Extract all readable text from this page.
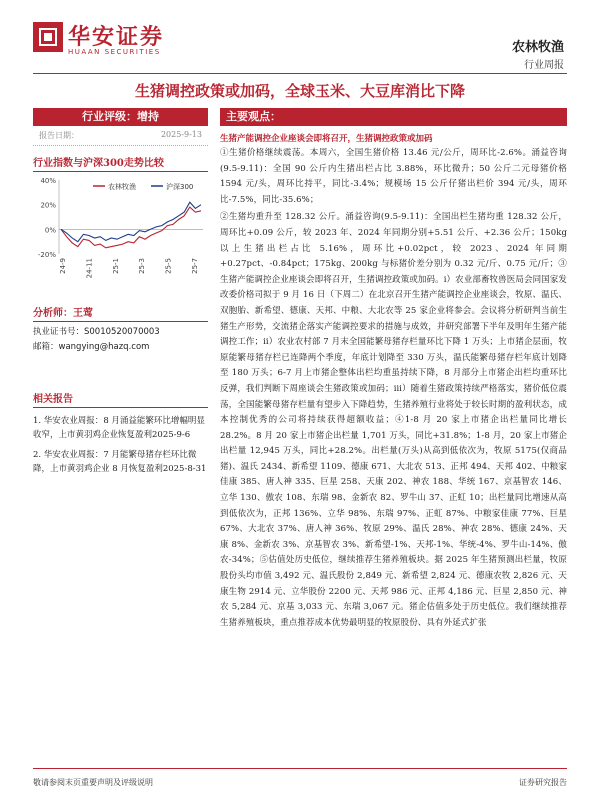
华安证券
HUAAN SECURITIES	农林牧渔
行业周报
生猪调控政策或加码，全球玉米、大豆库消比下降
行业评级：增持
报告日期：	2025-9-13
行业指数与沪深300走势比较
40%
20%
0%
-20%
24-9	24-11	25-1	25-3	25-5	25-7
农林牧渔	沪深300
分析师：王莺
执业证书号：S0010520070003
邮箱：wangying@hazq.com
相关报告
1. 华安农业周报：8 月涌益能繁环比增幅明显收窄，上市黄羽鸡企业恢复盈利2025-9-6
2. 华安农业周报：7 月能繁母猪存栏环比微降，上市黄羽鸡企业 8 月恢复盈利2025-8-31
主要观点：
生猪产能调控企业座谈会即将召开，生猪调控政策或加码
①生猪价格继续震荡。本周六，全国生猪价格 13.46 元/公斤，周环比-2.6%。涌益咨询(9.5-9.11)：全国 90 公斤内生猪出栏占比 3.88%，环比微升；50 公斤二元母猪价格 1594 元/头，周环比持平，同比-3.4%；规模场 15 公斤仔猪出栏价 394 元/头，周环比-7.5%，同比-35.6%；
②生猪均重升至 128.32 公斤。涌益咨询(9.5-9.11)：全国出栏生猪均重 128.32 公斤，周环比+0.09 公斤，较 2023 年、2024 年同期分别+5.51 公斤、+2.36 公斤；150kg 以上生猪出栏占比 5.16%，周环比+0.02pct，较 2023、2024 年同期+0.27pct、-0.84pct；175kg、200kg 与标猪价差分别为 0.32 元/斤、0.75 元/斤；③生猪产能调控企业座谈会即将召开，生猪调控政策或加码。ⅰ）农业部畜牧兽医局会同国家发改委价格司拟于 9 月 16 日（下周二）在北京召开生猪产能调控企业座谈会，牧原、温氏、双胞胎、新希望、德康、天邦、中粮、大北农等 25 家企业将参会。会议将分析研判当前生猪生产形势，交流猪企落实产能调控要求的措施与成效，并研究部署下半年及明年生猪产能调控工作；ⅱ）农业农村部 7 月末全国能繁母猪存栏量环比下降 1 万头；上市猪企层面，牧原能繁母猪存栏已连降两个季度，年底计划降至 330 万头，温氏能繁母猪存栏年底计划降至 180 万头；6-7 月上市猪企整体出栏均重虽持续下降，8 月部分上市猪企出栏均重环比反弹，我们判断下周座谈会生猪政策或加码；ⅲ）随着生猪政策持续严格落实，猪价低位震荡，全国能繁母猪存栏量有望步入下降趋势，生猪养殖行业将处于较长时期的盈利状态，成本控制优秀的公司将持续获得超额收益；④1-8 月 20 家上市猪企出栏量同比增长 28.2%。8 月 20 家上市猪企出栏量 1,701 万头，同比+31.8%；1-8 月，20 家上市猪企出栏量 12,945 万头，同比+28.2%。出栏量(万头)从高到低依次为，牧原 5175(仅商品猪)、温氏 2434、新希望 1109、德康 671、大北农 513、正邦 494、天邦 402、中粮家佳康 385、唐人神 335、巨星 258、天康 202、神农 188、华统 167、京基智农 146、立华 130、傲农 108、东瑞 98、金新农 82、罗牛山 37、正虹 10；出栏量同比增速从高到低依次为，正邦 136%、立华 98%、东瑞 97%、正虹 87%、中粮家佳康 77%、巨星 67%、大北农 37%、唐人神 36%、牧原 29%、温氏 28%、神农 28%、德康 24%、天康 8%、金新农 3%、京基智农 3%、新希望-1%、天邦-1%、华统-4%、罗牛山-14%、傲农-34%；⑤估值处历史低位，继续推荐生猪养殖板块。据 2025 年生猪预测出栏量，牧原股份头均市值 3,492 元、温氏股份 2,849 元、新希望 2,824 元、德康农牧 2,826 元、天康生物 2914 元、立华股份 2200 元、天邦 986 元、正邦 4,186 元、巨星 2,850 元、神农 5,284 元、京基 3,033 元、东瑞 3,067 元。猪企估值多处于历史低位。我们继续推荐生猪养殖板块，重点推荐成本优势最明显的牧原股份、具有外延式扩张
敬请参阅末页重要声明及评级说明	证券研究报告
